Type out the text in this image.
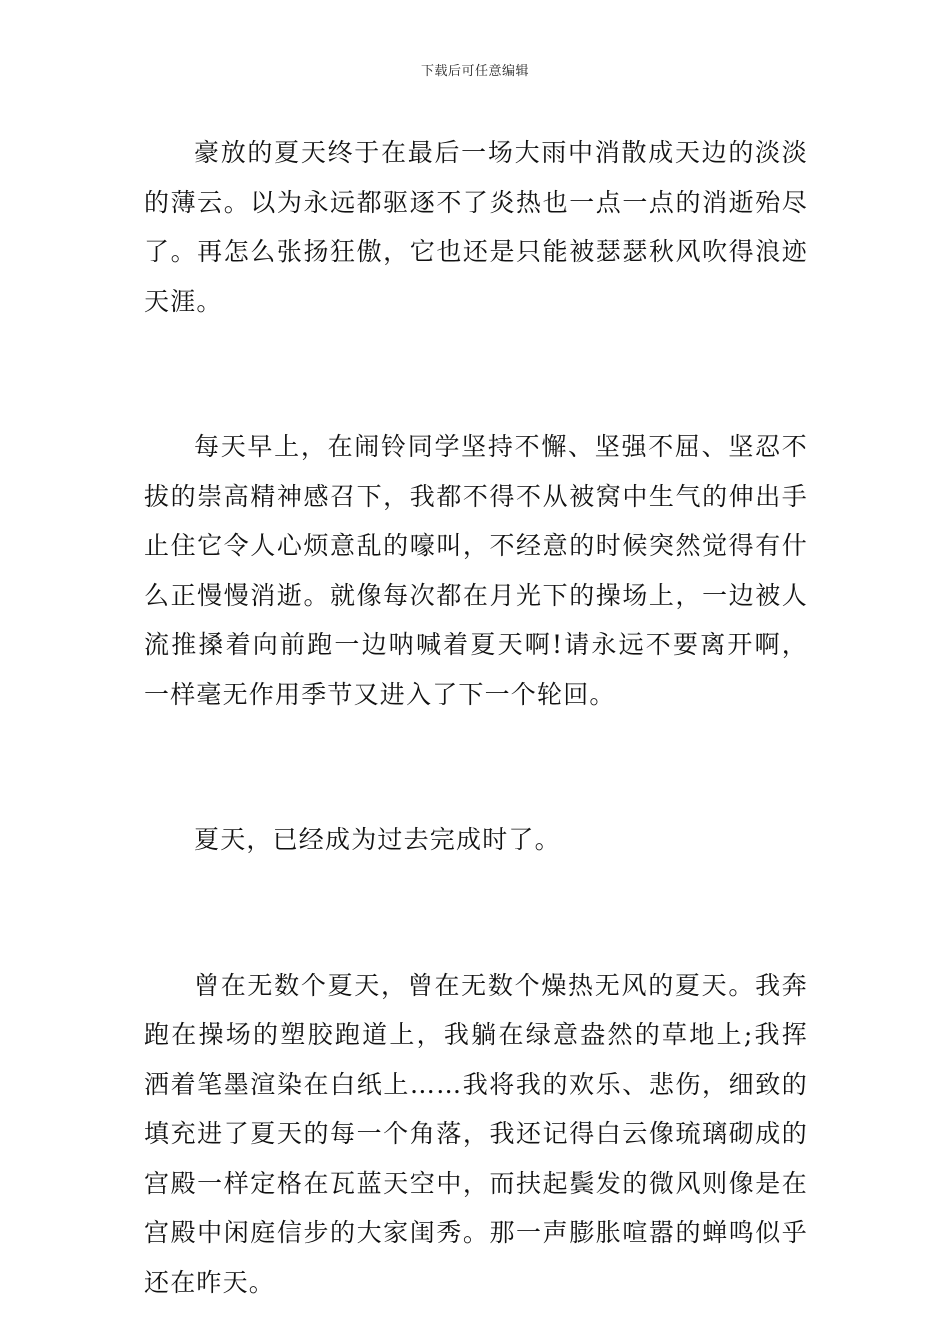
下载后可任意编辑

豪放的夏天终于在最后一场大雨中消散成天边的淡淡的薄云。以为永远都驱逐不了炎热也一点一点的消逝殆尽了。再怎么张扬狂傲，它也还是只能被瑟瑟秋风吹得浪迹天涯。

每天早上，在闹铃同学坚持不懈、坚强不屈、坚忍不拔的崇高精神感召下，我都不得不从被窝中生气的伸出手止住它令人心烦意乱的嚎叫，不经意的时候突然觉得有什么正慢慢消逝。就像每次都在月光下的操场上，一边被人流推搡着向前跑一边呐喊着夏天啊!请永远不要离开啊，一样毫无作用季节又进入了下一个轮回。

夏天，已经成为过去完成时了。

曾在无数个夏天，曾在无数个燥热无风的夏天。我奔跑在操场的塑胶跑道上，我躺在绿意盎然的草地上;我挥洒着笔墨渲染在白纸上……我将我的欢乐、悲伤，细致的填充进了夏天的每一个角落，我还记得白云像琉璃砌成的宫殿一样定格在瓦蓝天空中，而扶起鬓发的微风则像是在宫殿中闲庭信步的大家闺秀。那一声膨胀喧嚣的蝉鸣似乎还在昨天。
